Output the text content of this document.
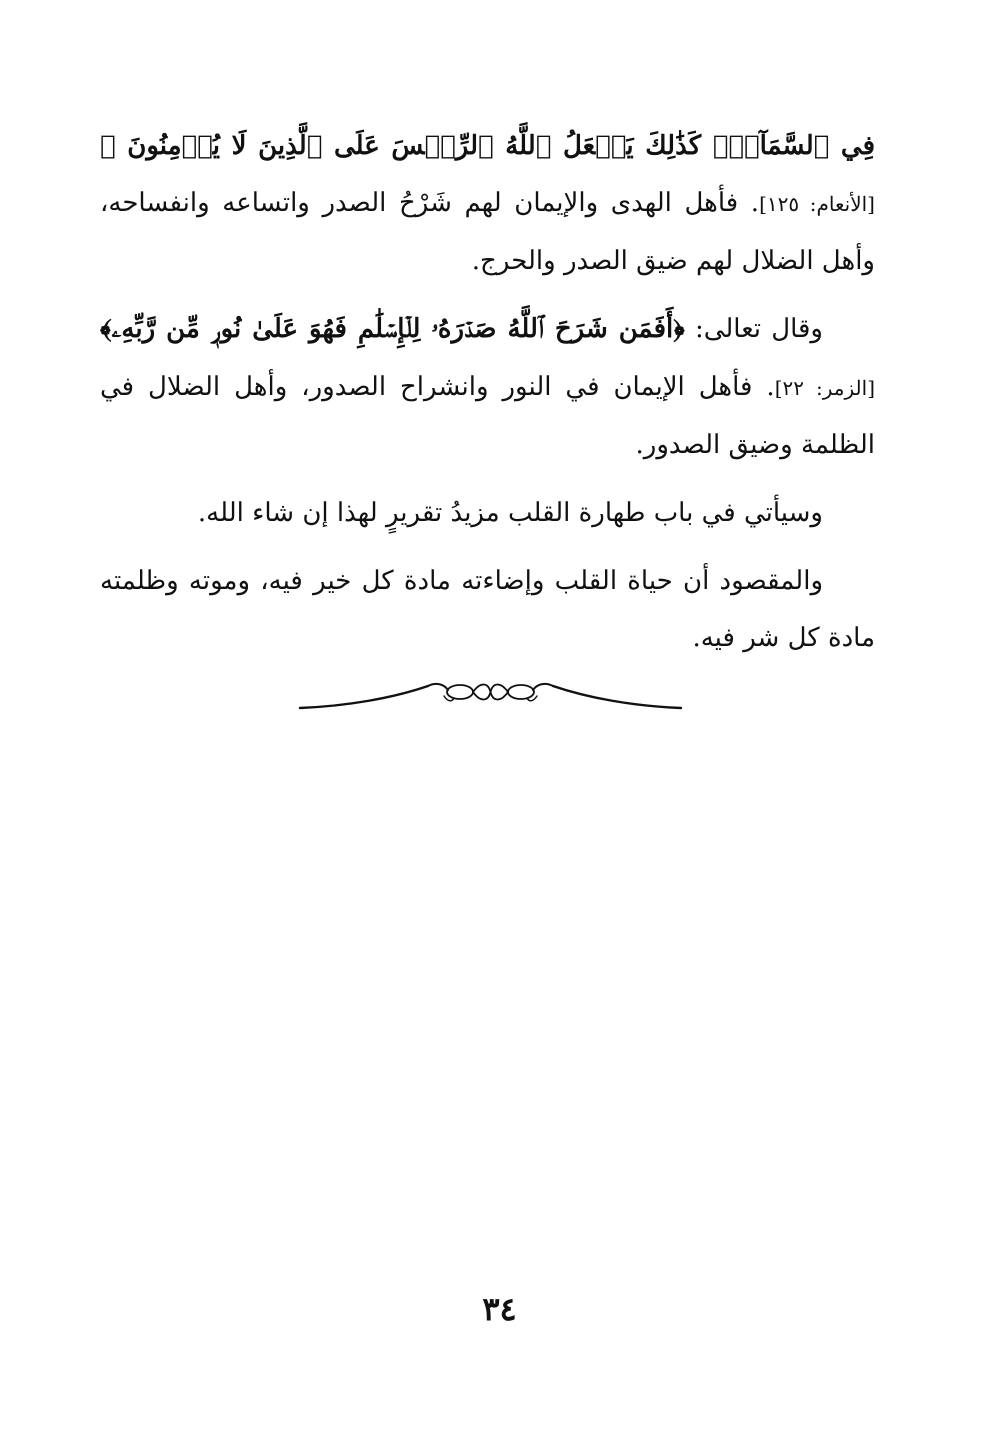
فِي ٱلسَّمَآءِۚ كَذَٰلِكَ يَجۡعَلُ ٱللَّهُ ٱلرِّجۡسَ عَلَى ٱلَّذِينَ لَا يُؤۡمِنُونَ ﴾ [الأنعام: ١٢٥]. فأهل الهدى والإيمان لهم شَرْحُ الصدر واتساعه وانفساحه، وأهل الضلال لهم ضيق الصدر والحرج.

وقال تعالى: ﴿أَفَمَن شَرَحَ ٱللَّهُ صَدۡرَهُۥ لِلۡإِسۡلَٰمِ فَهُوَ عَلَىٰ نُورٖ مِّن رَّبِّهِۦ﴾ [الزمر: ٢٢]. فأهل الإيمان في النور وانشراح الصدور، وأهل الضلال في الظلمة وضيق الصدور.

وسيأتي في باب طهارة القلب مزيدُ تقريرٍ لهذا إن شاء الله.

والمقصود أن حياة القلب وإضاءته مادة كل خير فيه، وموته وظلمته مادة كل شر فيه.

٣٤
